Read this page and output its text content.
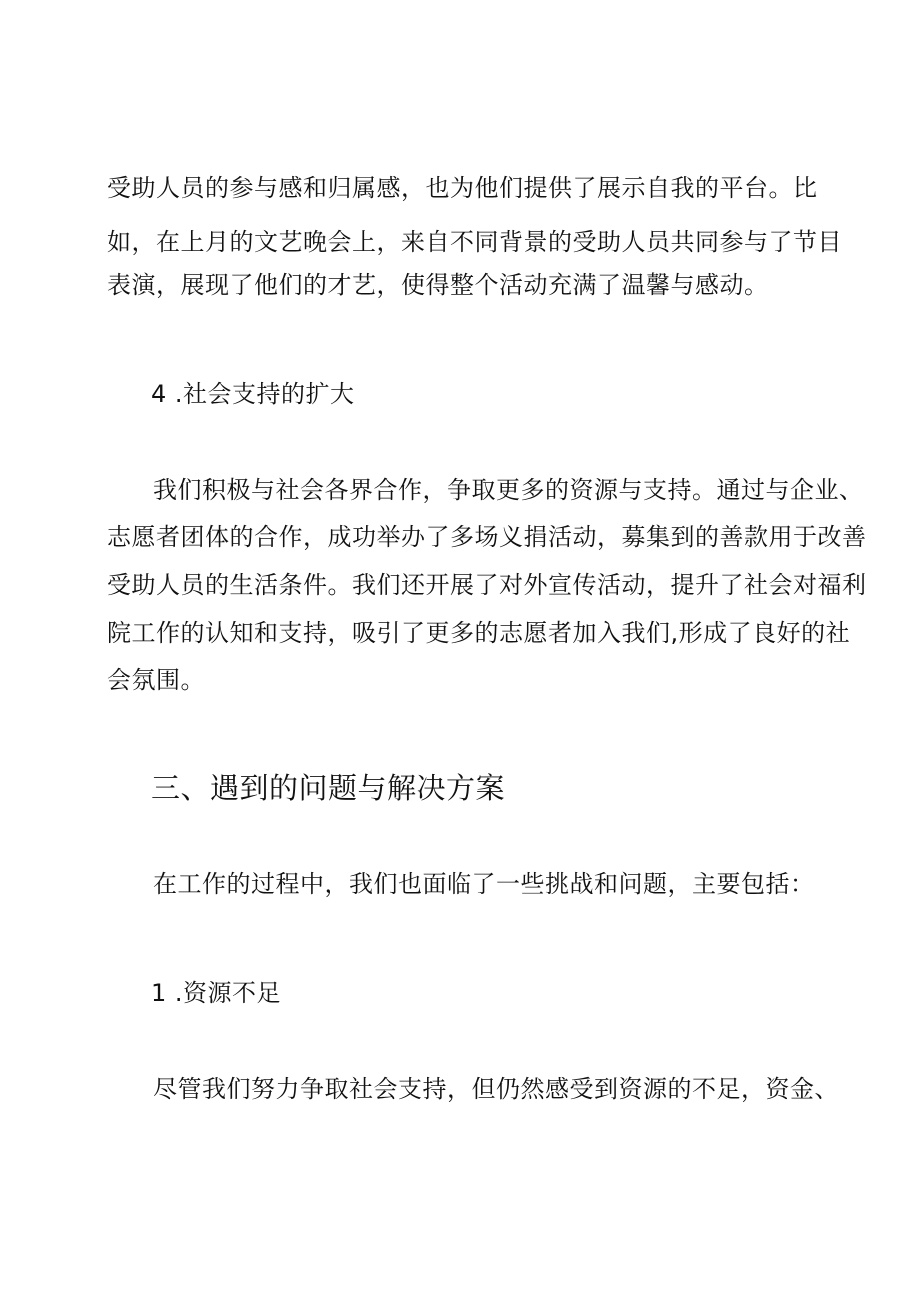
受助人员的参与感和归属感，也为他们提供了展示自我的平台。比
如，在上月的文艺晚会上，来自不同背景的受助人员共同参与了节目
表演，展现了他们的才艺，使得整个活动充满了温馨与感动。
4 .社会支持的扩大
我们积极与社会各界合作，争取更多的资源与支持。通过与企业、
志愿者团体的合作，成功举办了多场义捐活动，募集到的善款用于改善
受助人员的生活条件。我们还开展了对外宣传活动，提升了社会对福利
院工作的认知和支持，吸引了更多的志愿者加入我们,形成了良好的社
会氛围。
三、遇到的问题与解决方案
在工作的过程中，我们也面临了一些挑战和问题，主要包括：
1 .资源不足
尽管我们努力争取社会支持，但仍然感受到资源的不足，资金、
